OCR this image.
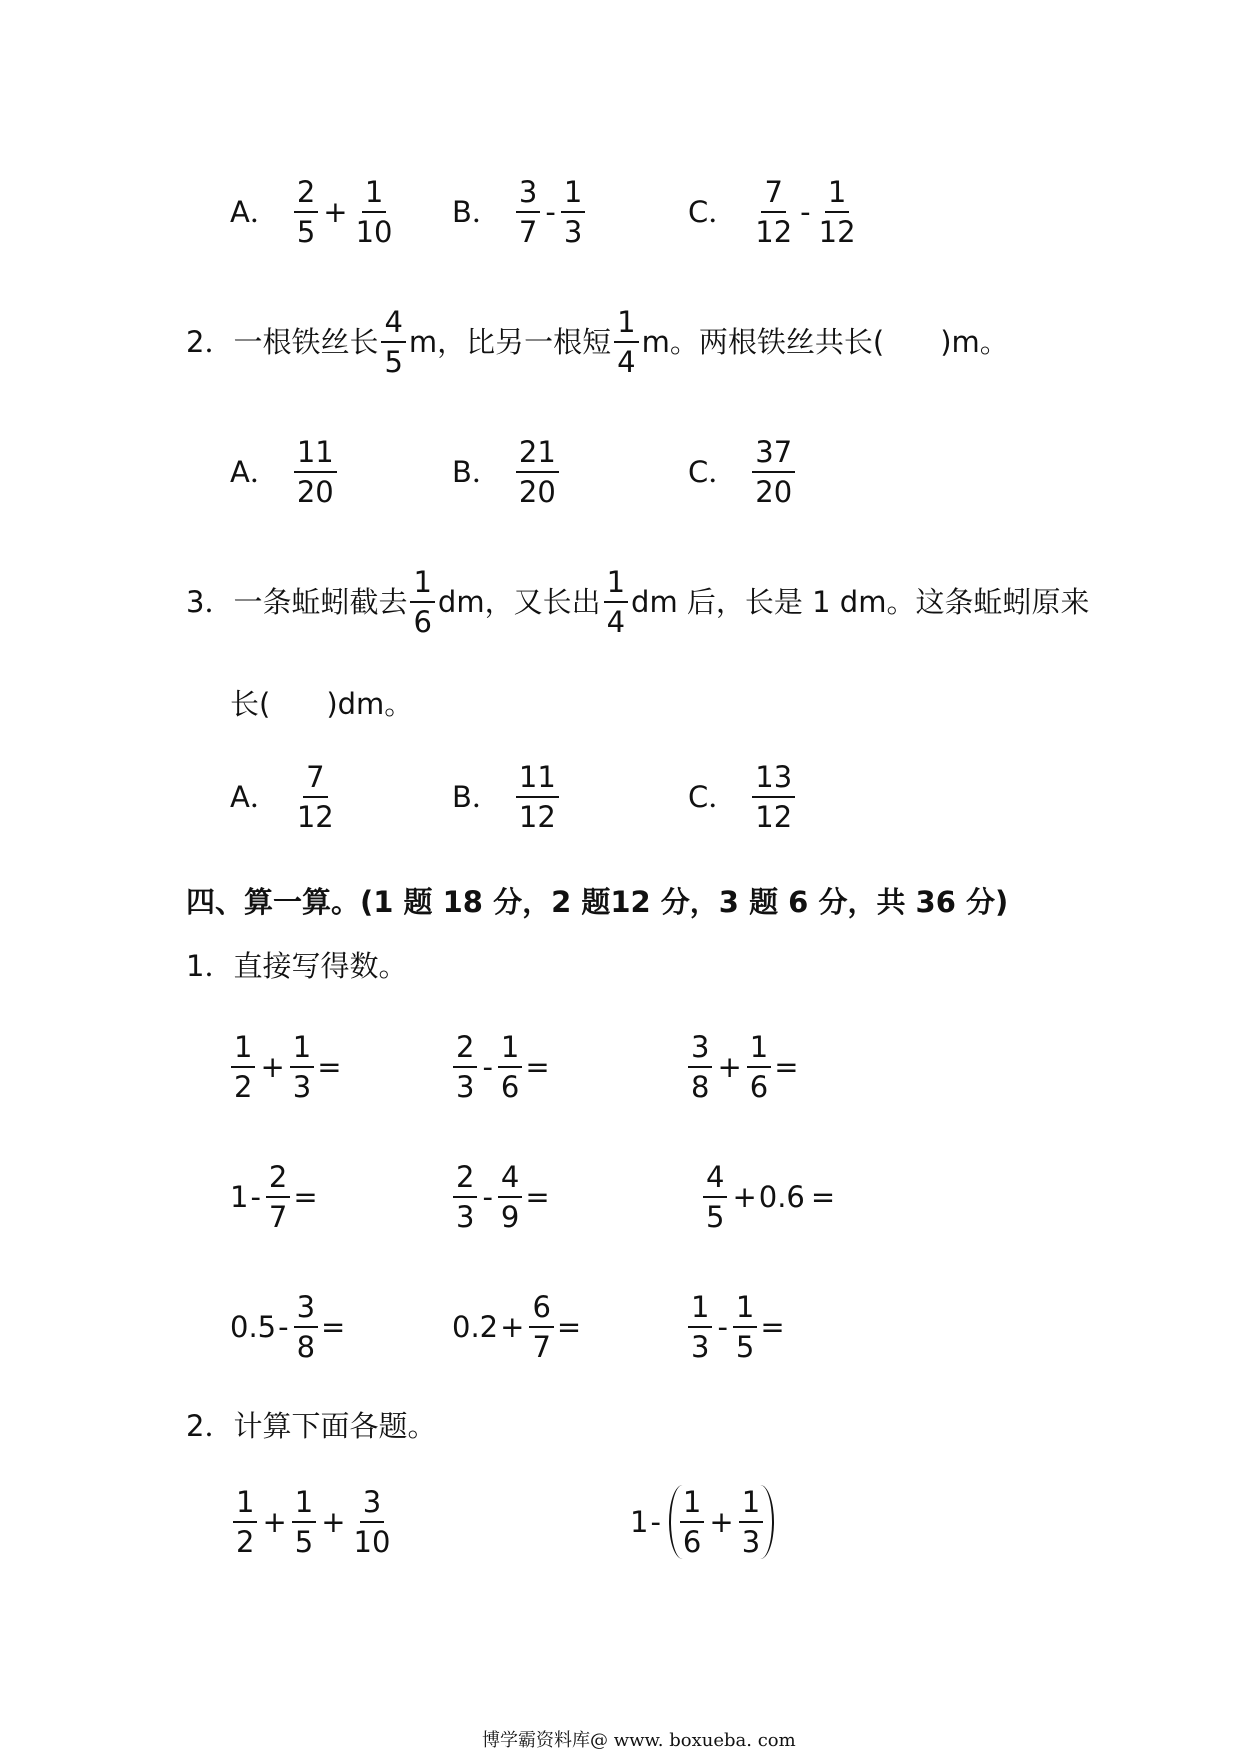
A． $\frac{2}{5} + \frac{1}{10}$ B． $\frac{3}{7} - \frac{1}{3}$	C． $\frac{7}{12} - \frac{1}{12}$
2． 一根铁丝长 $\frac{4}{5}$ m，比另一根短 $\frac{1}{4}$ m。两根铁丝共长( )m。
A． $\frac{11}{20}$	B． $\frac{21}{20}$	C． $\frac{37}{20}$
3． 一条蚯蚓截去 $\frac{1}{6}$ dm，又长出 $\frac{1}{4}$ dm 后，长是 1 dm。这条蚯蚓原来
长( )dm。
A． $\frac{7}{12}$	B． $\frac{11}{12}$	C． $\frac{13}{12}$
四、算一算。(1 题 18 分，2 题12 分，3 题 6 分，共 36 分)
1．直接写得数。
$\frac{1}{2} + \frac{1}{3}$ =	$\frac{2}{3} - \frac{1}{6}$ =	$\frac{3}{8} + \frac{1}{6}$ =
$1 - \frac{2}{7}$ =	$\frac{2}{3} - \frac{4}{9}$ =	$\frac{4}{5} + 0.6$ =
$0.5 - \frac{3}{8}$ =	$0.2 + \frac{6}{7}$ =	$\frac{1}{3} - \frac{1}{5}$ =
2．计算下面各题。
$\frac{1}{2} + \frac{1}{5} + \frac{3}{10}$	$1 - \frac{1}{6} + \frac{1}{3}$
博学霸资料库@ www. boxueba. com
